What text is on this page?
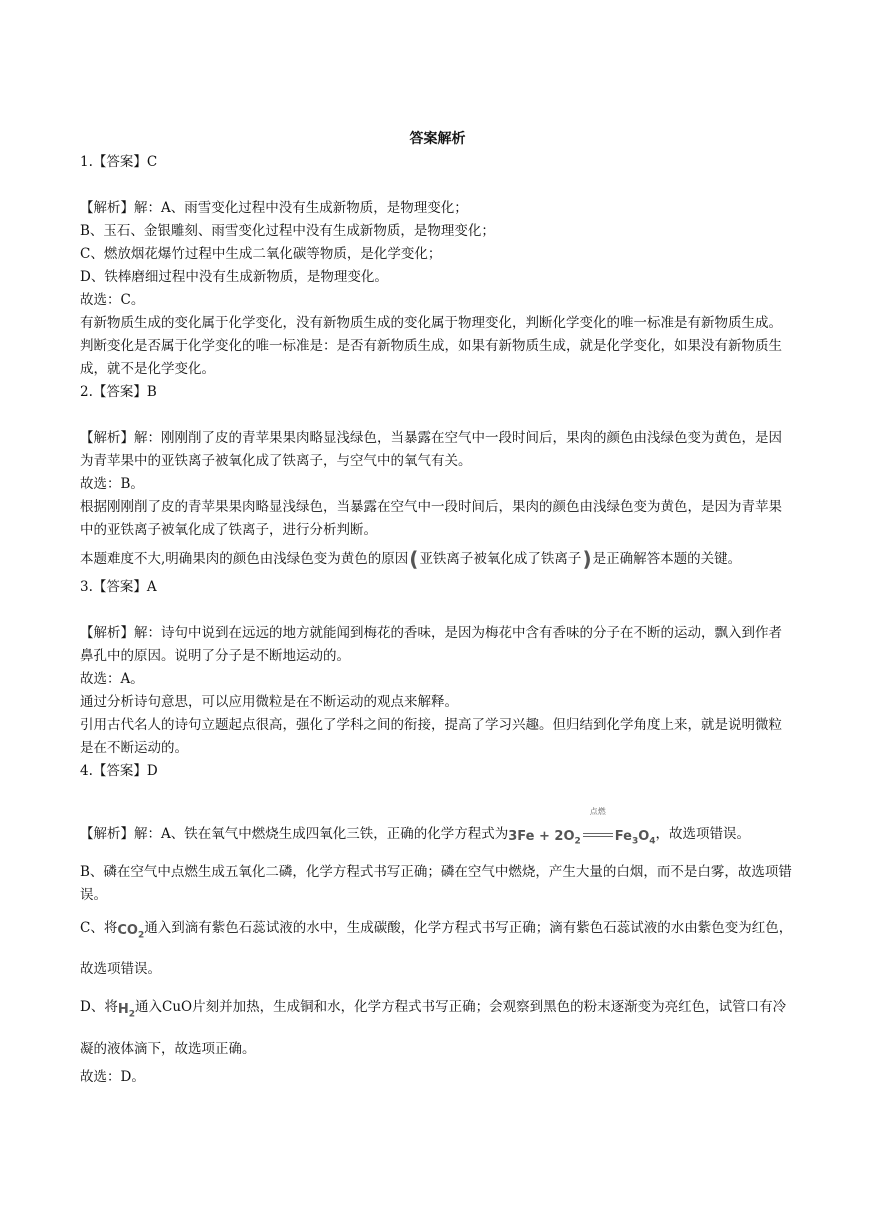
答案解析

1.【答案】C

【解析】解：A、雨雪变化过程中没有生成新物质，是物理变化；

B、玉石、金银雕刻、雨雪变化过程中没有生成新物质，是物理变化；

C、燃放烟花爆竹过程中生成二氧化碳等物质，是化学变化；

D、铁棒磨细过程中没有生成新物质，是物理变化。

故选：C。

有新物质生成的变化属于化学变化，没有新物质生成的变化属于物理变化，判断化学变化的唯一标准是有新物质生成。

判断变化是否属于化学变化的唯一标准是：是否有新物质生成，如果有新物质生成，就是化学变化，如果没有新物质生成，就不是化学变化。

2.【答案】B

【解析】解：刚刚削了皮的青苹果果肉略显浅绿色，当暴露在空气中一段时间后，果肉的颜色由浅绿色变为黄色，是因为青苹果中的亚铁离子被氧化成了铁离子，与空气中的氧气有关。

故选：B。

根据刚刚削了皮的青苹果果肉略显浅绿色，当暴露在空气中一段时间后，果肉的颜色由浅绿色变为黄色，是因为青苹果中的亚铁离子被氧化成了铁离子，进行分析判断。

本题难度不大,明确果肉的颜色由浅绿色变为黄色的原因(亚铁离子被氧化成了铁离子)是正确解答本题的关键。

3.【答案】A

【解析】解：诗句中说到在远远的地方就能闻到梅花的香味，是因为梅花中含有香味的分子在不断的运动，飘入到作者鼻孔中的原因。说明了分子是不断地运动的。

故选：A。

通过分析诗句意思，可以应用微粒是在不断运动的观点来解释。

引用古代名人的诗句立题起点很高，强化了学科之间的衔接，提高了学习兴趣。但归结到化学角度上来，就是说明微粒是在不断运动的。

4.【答案】D

【解析】解：A、铁在氧气中燃烧生成四氧化三铁，正确的化学方程式为$3Fe + 2O_2$
点燃
$Fe_3O_4$，故选项错误。

B、磷在空气中点燃生成五氧化二磷，化学方程式书写正确；磷在空气中燃烧，产生大量的白烟，而不是白雾，故选项错误。

C、将$CO_2$通入到滴有紫色石蕊试液的水中，生成碳酸，化学方程式书写正确；滴有紫色石蕊试液的水由紫色变为红色，故选项错误。

D、将$H_2$通入CuO片刻并加热，生成铜和水，化学方程式书写正确；会观察到黑色的粉末逐渐变为亮红色，试管口有冷凝的液体滴下，故选项正确。

故选：D。
